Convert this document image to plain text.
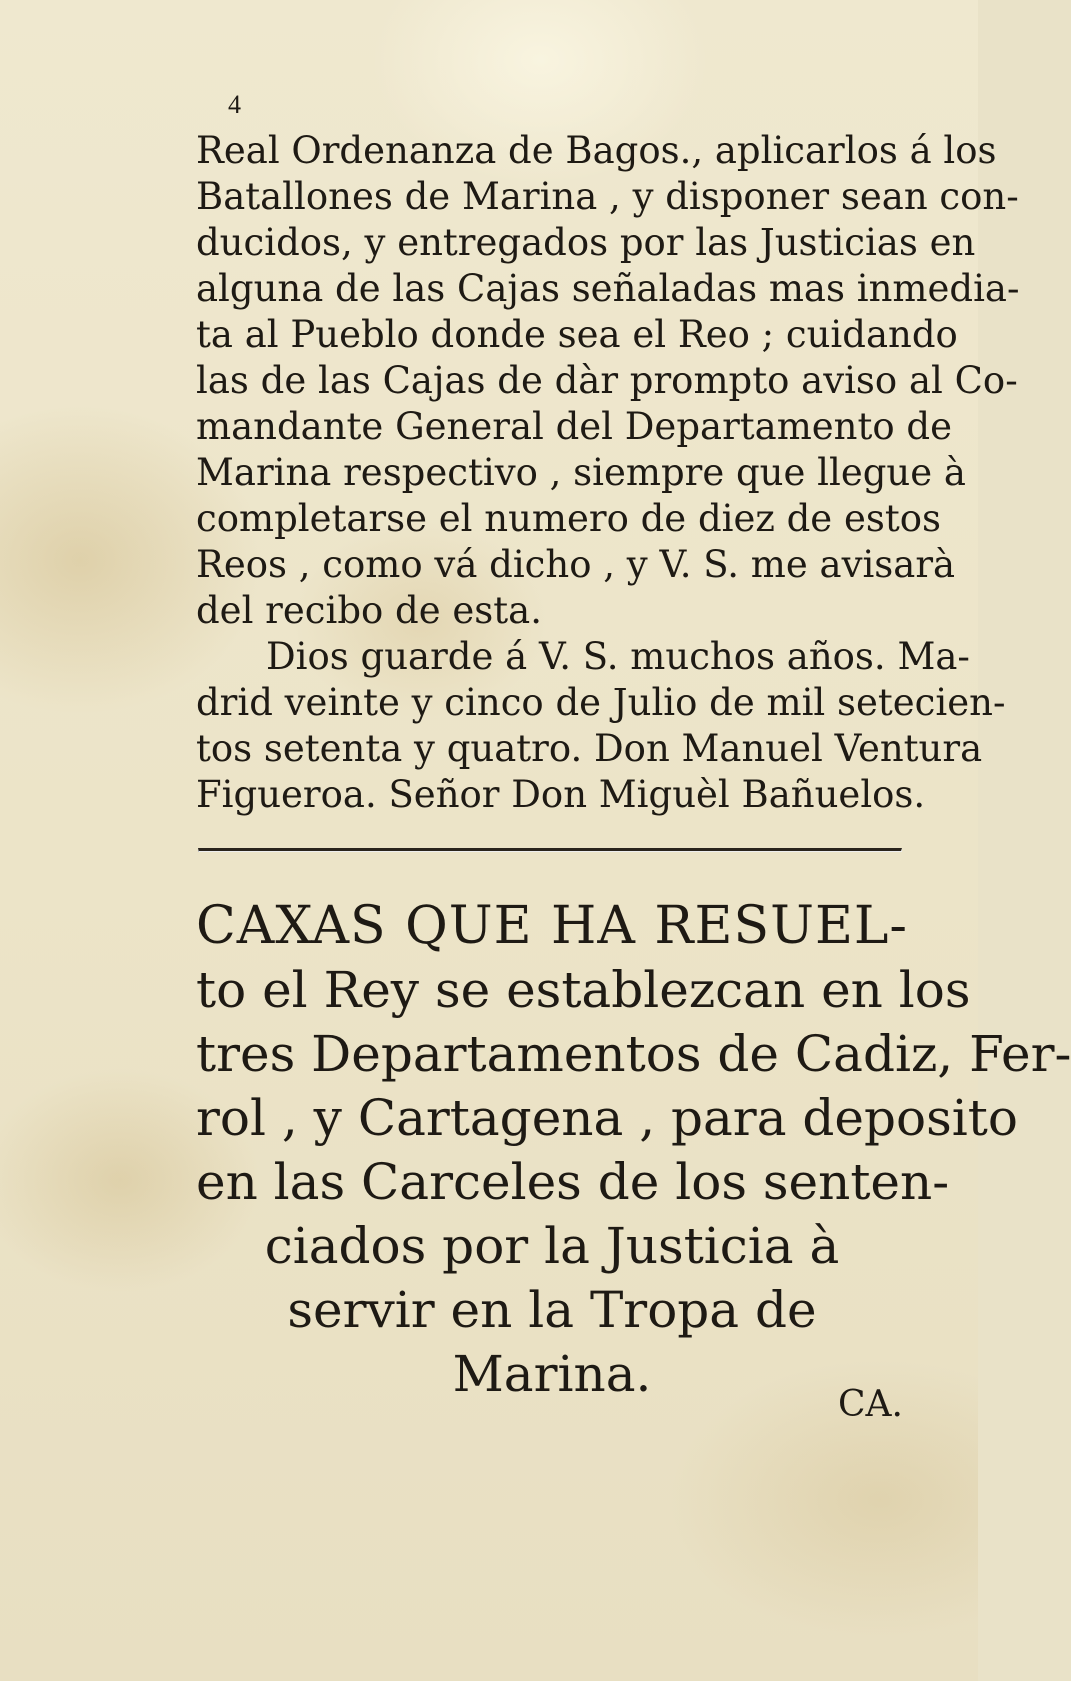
4

Real Ordenanza de Bagos., aplicarlos á los
Batallones de Marina , y disponer sean con-
ducidos, y entregados por las Justicias en
alguna de las Cajas señaladas mas inmedia-
ta al Pueblo donde sea el Reo ; cuidando
las de las Cajas de dàr prompto aviso al Co-
mandante General del Departamento de
Marina respectivo , siempre que llegue à
completarse el numero de diez de estos
Reos , como vá dicho , y V. S. me avisarà
del recibo de esta.
Dios guarde á V. S. muchos años. Ma-
drid veinte y cinco de Julio de mil setecien-
tos setenta y quatro. Don Manuel Ventura
Figueroa. Señor Don Miguèl Bañuelos.
CAXAS QUE HA RESUEL-
to el Rey se establezcan en los
tres Departamentos de Cadiz, Fer-
rol , y Cartagena , para deposito
en las Carceles de los senten-
ciados por la Justicia à
servir en la Tropa de
Marina.

CA.
